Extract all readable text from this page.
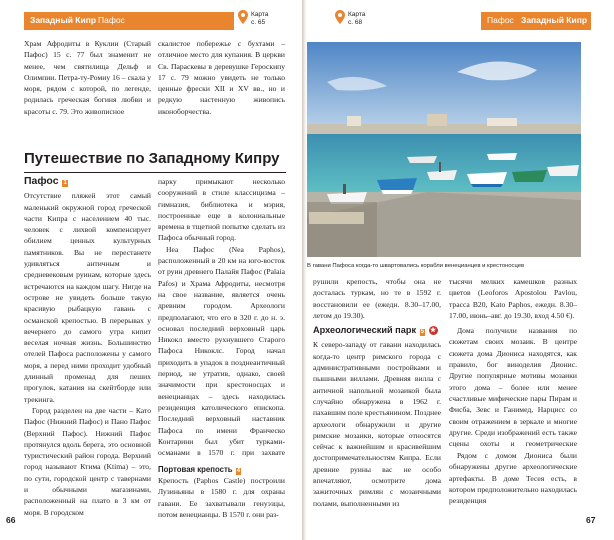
Западный Кипр Пафос
Карта
с. 65

Храм Афродиты в Куклии (Старый Пафос) 15 с. 77 был знаменит не менее, чем святилища Дельф и Олимпии. Петра-ту-Ромиу 16 – скала у моря, рядом с которой, по легенде, родилась греческая богиня любви и красоты с. 79. Это живописное

скалистое побережье с бухтами – отличное место для купания. В церкви Св. Параскевы в деревушке Героскипу 17 с. 79 можно увидеть не только ценные фрески XII и XV вв., но и редкую настенную живопись иконоборчества.

Путешествие по Западному Кипру
Пафос 1

Отсутствие пляжей этот самый маленький окружной город греческой части Кипра с населением 40 тыс. человек с лихвой компенсирует обилием ценных культурных памятников. Вы не перестанете удивляться античным и средневековым руинам, которые здесь встречаются на каждом шагу. Нигде на острове не увидеть больше такую красивую рыбацкую гавань с османской крепостью. В перерывах у вечернего до самого утра кипит веселая ночная жизнь. Большинство отелей Пафоса расположены у самого моря, а перед ними проходит удобный длинный променад для пеших прогулок, катания на скейтборде или трекинга.

Город разделен на две части – Като Пафос (Нижний Пафос) и Пано Пафос (Верхний Пафос). Нижний Пафос протянулся вдоль берега, это основной туристический район города. Верхний город называют Ктима (Ktima) – это, по сути, городской центр с тавернами и обычными магазинами, расположенный на плато в 3 км от моря. В городском

парку примыкают несколько сооружений в стиле классицизма – гимназия, библиотека и мэрия, построенные еще в колониальные времена в тщетной попытке сделать из Пафоса обычный город.

Неа Пафос (Nea Paphos), расположенный в 20 км на юго-восток от руин древнего Палайя Пафос (Palaia Pafos) и Храма Афродиты, несмотря на свое название, является очень древним городом. Археологи предполагают, что его в 320 г. до н. э. основал последний верховный царь Никокл вместо рухнувшего Старого Пафоса Никоклс. Город начал приходить в упадок в позднеантичный период, не утратив, однако, своей значимости при крестоносцах и венецианцах – здесь находилась резиденция католического епископа. Последний верховный наставник Пафоса по имени Франческо Контарини был убит турками-османами в 1570 г. при захвате

Портовая крепость 4

Крепость (Paphos Castle) построили Лузиньяны в 1580 г. для охраны гавани. Ее захватывали генуэзцы, потом венецианцы. В 1570 г. они раз-

66
Карта
с. 68	Пафос Западный Кипр
В гавани Пафоса когда-то швартовались корабли венецианцев и крестоносцев

рушили крепость, чтобы она не досталась туркам, но те в 1592 г. восстановили ее (ежедн. 8.30–17.00, летом до 19.30).

Археологический парк 5 ★

К северо-западу от гавани находилась когда-то центр римского города с административными постройками и пышными виллами. Древняя вилла с античной напольной мозаикой была случайно обнаружена в 1962 г. пахавшим поле крестьянином. Позднее археологи обнаружили и другие римские мозаики, которые относятся сейчас к важнейшим и красивейшим достопримечательностям Кипра. Если древние руины вас не особо впечатляют, осмотрите дома зажиточных римлян с мозаичными полами, выполненными из

тысячи мелких камешков разных цветов (Leoforos Apostolou Pavlou, трасса B20, Kato Paphos, ежедн. 8.30–17.00, июнь–авг. до 19.30, вход 4.50 €).

Дома получили названия по сюжетам своих мозаик. В центре сюжета дома Диониса находятся, как правило, бог виноделия Дионис. Другие популярные мотивы мозаики этого дома – более или менее счастливые мифические пары Пирам и Фисба, Зевс и Ганимед, Нарцисс со своим отражением в зеркале и многие другие. Среди изображений есть также сцены охоты и геометрические

Рядом с домом Диониса были обнаружены другие археологические артефакты. В доме Тесея есть, в котором предположительно находилась резиденция

67
